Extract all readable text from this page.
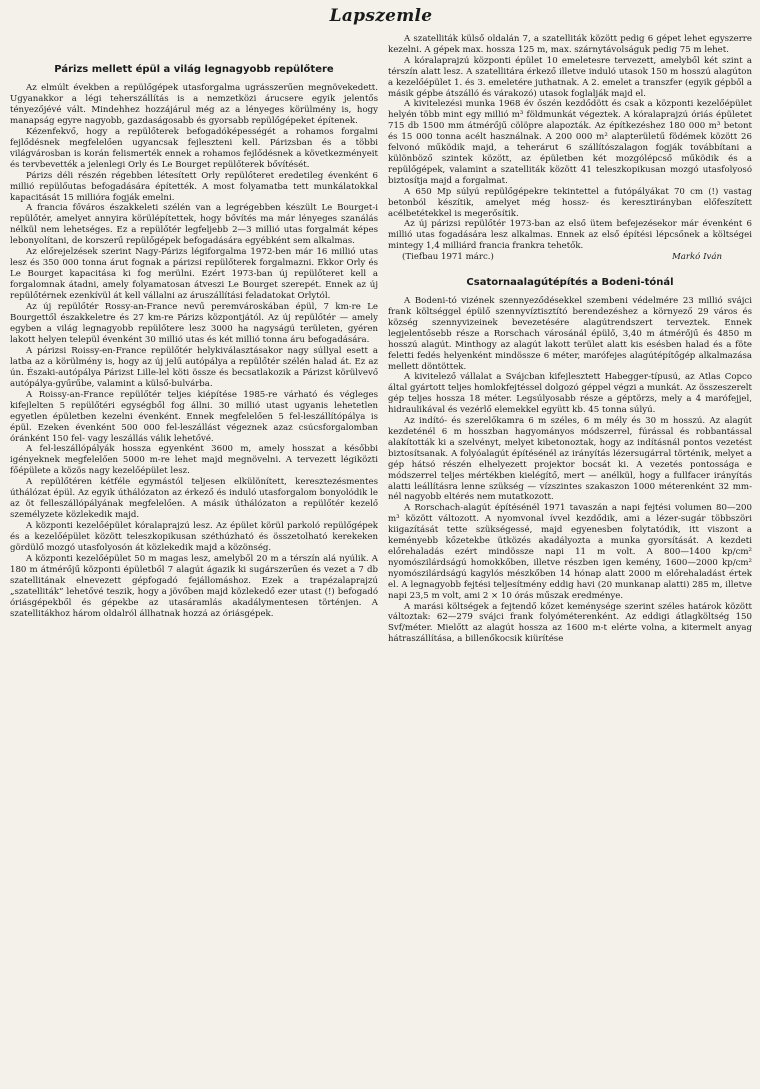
Lapszemle
Párizs mellett épül a világ legnagyobb repülőtere

Az elmúlt években a repülőgépek utasforgalma ugrásszerűen megnövekedett. Ugyanakkor a légi teherszállítás is a nemzetközi árucsere egyik jelentős tényezőjévé vált. Mindehhez hozzájárul még az a lényeges körülmény is, hogy manapság egyre nagyobb, gazdaságosabb és gyorsabb repülőgépeket építenek.

Kézenfekvő, hogy a repülőterek befogadóképességét a rohamos forgalmi fejlődésnek megfelelően ugyancsak fejleszteni kell. Párizsban és a többi világvárosban is korán felismerték ennek a rohamos fejlődésnek a következményeit és tervbevették a jelenlegi Orly és Le Bourget repülőterek bővítését.

Párizs déli részén régebben létesített Orly repülőteret eredetileg évenként 6 millió repülőutas befogadására építették. A most folyamatba tett munkálatokkal kapacitását 15 millióra fogják emelni.

A francia főváros északkeleti szélén van a legrégebben készült Le Bourget-i repülőtér, amelyet annyira körülépítettek, hogy bővítés ma már lényeges szanálás nélkül nem lehetséges. Ez a repülőtér legfeljebb 2—3 millió utas forgalmát képes lebonyolítani, de korszerű repülőgépek befogadására egyébként sem alkalmas.

Az előrejelzések szerint Nagy-Párizs légiforgalma 1972-ben már 16 millió utas lesz és 350 000 tonna árut fognak a párizsi repülőterek forgalmazni. Ekkor Orly és Le Bourget kapacitása ki fog merülni. Ezért 1973-ban új repülőteret kell a forgalomnak átadni, amely folyamatosan átveszi Le Bourget szerepét. Ennek az új repülőtérnek ezenkívül át kell vállalni az áruszállítási feladatokat Orlytól.

Az új repülőtér Rossy-an-France nevű peremvároskában épül, 7 km-re Le Bourgettől északkeletre és 27 km-re Párizs központjától. Az új repülőtér — amely egyben a világ legnagyobb repülőtere lesz 3000 ha nagyságú területen, gyéren lakott helyen települ évenként 30 millió utas és két millió tonna áru befogadására.

A párizsi Roissy-en-France repülőtér helykiválasztásakor nagy súllyal esett a latba az a körülmény is, hogy az új jelű autópálya a repülőtér szélén halad át. Ez az ún. Északi-autópálya Párizst Lille-lel köti össze és becsatlakozik a Párizst körülvevő autópálya-gyűrűbe, valamint a külső-bulvárba.

A Roissy-an-France repülőtér teljes kiépítése 1985-re várható és végleges kifejlelten 5 repülőtéri egységből fog állni. 30 millió utast ugyanis lehetetlen egyetlen épületben kezelni évenként. Ennek megfelelően 5 fel-leszállítópálya is épül. Ezeken évenként 500 000 fel-leszállást végeznek azaz csúcsforgalomban óránként 150 fel- vagy leszállás válik lehetővé.

A fel-leszállópályák hossza egyenként 3600 m, amely hosszat a későbbi igényeknek megfelelően 5000 m-re lehet majd megnövelni. A tervezett légiközti főépülete a közös nagy kezelőépület lesz.

A repülőtéren kétféle egymástól teljesen elkülönített, keresztezésmentes úthálózat épül. Az egyik úthálózaton az érkező és induló utasforgalom bonyolódik le az öt felleszállópályának megfelelően. A másik úthálózaton a repülőtér kezelő személyzete közlekedik majd.

A központi kezelőépület kóralaprajzú lesz. Az épület körül parkoló repülőgépek és a kezelőépület között teleszkopikusan széthúzható és összetolható kerekeken gördülő mozgó utasfolyosón át közlekedik majd a közönség.

A központi kezelőépület 50 m magas lesz, amelyből 20 m a térszín alá nyúlik. A 180 m átmérőjű központi épületből 7 alagút ágazik ki sugárszerűen és vezet a 7 db szatellitának elnevezett gépfogadó fejállomáshoz. Ezek a trapézalaprajzú „szatelliták” lehetővé teszik, hogy a jövőben majd közlekedő ezer utast (!) befogadó óriásgépekből és gépekbe az utasáramlás akadálymentesen történjen. A szatellitákhoz három oldalról állhatnak hozzá az óriásgépek.

A szatelliták külső oldalán 7, a szatelliták között pedig 6 gépet lehet egyszerre kezelni. A gépek max. hossza 125 m, max. szárnytávolságuk pedig 75 m lehet.

A kóralaprajzú központi épület 10 emeletesre tervezett, amelyből két szint a térszín alatt lesz. A szatellitára érkező illetve induló utasok 150 m hosszú alagúton a kezelőépület 1. és 3. emeletére juthatnak. A 2. emelet a transzfer (egyik gépből a másik gépbe átszálló és várakozó) utasok foglalják majd el.

A kivitelezési munka 1968 év őszén kezdődött és csak a központi kezelőépület helyén több mint egy millió m³ földmunkát végeztek. A kóralaprajzú óriás épületet 715 db 1500 mm átmérőjű cölöpre alapozták. Az építkezéshez 180 000 m³ betont és 15 000 tonna acélt használnak. A 200 000 m² alapterületű födémek között 26 felvonó működik majd, a teherárut 6 szállítószalagon fogják továbbítani a különböző szintek között, az épületben két mozgólépcső működik és a repülőgépek, valamint a szatelliták között 41 teleszkopikusan mozgó utasfolyosó biztosítja majd a forgalmat.

A 650 Mp súlyú repülőgépekre tekintettel a futópályákat 70 cm (!) vastag betonból készítik, amelyet még hossz- és keresztirányban előfeszített acélbetétekkel is megerősítik.

Az új párizsi repülőtér 1973-ban az első ütem befejezésekor már évenként 6 millió utas fogadására lesz alkalmas. Ennek az első építési lépcsőnek a költségei mintegy 1,4 milliárd francia frankra tehetők.

(Tiefbau 1971 márc.)	Markó Iván
Csatornaalagútépítés a Bodeni-tónál

A Bodeni-tó vizének szennyeződésekkel szembeni védelmére 23 millió svájci frank költséggel épülő szennyvíztisztító berendezéshez a környező 29 város és község szennyvizeinek bevezetésére alagútrendszert terveztek. Ennek legjelentősebb része a Rorschach városánál épülő, 3,40 m átmérőjű és 4850 m hosszú alagút. Minthogy az alagút lakott terület alatt kis esésben halad és a föte feletti fedés helyenként mindössze 6 méter, marófejes alagútépítőgép alkalmazása mellett döntöttek.

A kivitelező vállalat a Svájcban kifejlesztett Habegger-típusú, az Atlas Copco által gyártott teljes homlokfejtéssel dolgozó géppel végzi a munkát. Az összeszerelt gép teljes hossza 18 méter. Legsúlyosabb része a géptörzs, mely a 4 marófejjel, hidraulikával és vezérlő elemekkel együtt kb. 45 tonna súlyú.

Az indító- és szerelőkamra 6 m széles, 6 m mély és 30 m hosszú. Az alagút kezdeténél 6 m hosszban hagyományos módszerrel, fúrással és robbantással alakították ki a szelvényt, melyet kibetonoztak, hogy az indításnál pontos vezetést biztosítsanak. A folyóalagút építésénél az irányítás lézersugárral történik, melyet a gép hátsó részén elhelyezett projektor bocsát ki. A vezetés pontossága e módszerrel teljes mértékben kielégítő, mert — anélkül, hogy a fullfacer irányítás alatti leállításra lenne szükség — vízszintes szakaszon 1000 méterenként 32 mm-nél nagyobb eltérés nem mutatkozott.

A Rorschach-alagút építésénél 1971 tavaszán a napi fejtési volumen 80—200 m³ között változott. A nyomvonal ívvel kezdődik, ami a lézer-sugár többszöri kiigazítását tette szükségessé, majd egyenesben folytatódik, itt viszont a keményebb kőzetekbe ütközés akadályozta a munka gyorsítását. A kezdeti előrehaladás ezért mindössze napi 11 m volt. A 800—1400 kp/cm² nyomószilárdságú homokkőben, illetve részben igen kemény, 1600—2000 kp/cm² nyomószilárdságú kagylós mészkőben 14 hónap alatt 2000 m előrehaladást értek el. A legnagyobb fejtési teljesítmény eddig havi (20 munkanap alatti) 285 m, illetve napi 23,5 m volt, ami 2 × 10 órás műszak eredménye.

A marási költségek a fejtendő kőzet keménysége szerint széles határok között változtak: 62—279 svájci frank folyóméterenként. Az eddigi átlagköltség 150 Svf/méter. Mielőtt az alagút hossza az 1600 m-t elérte volna, a kitermelt anyag hátraszállítása, a billenőkocsik kiürítése
